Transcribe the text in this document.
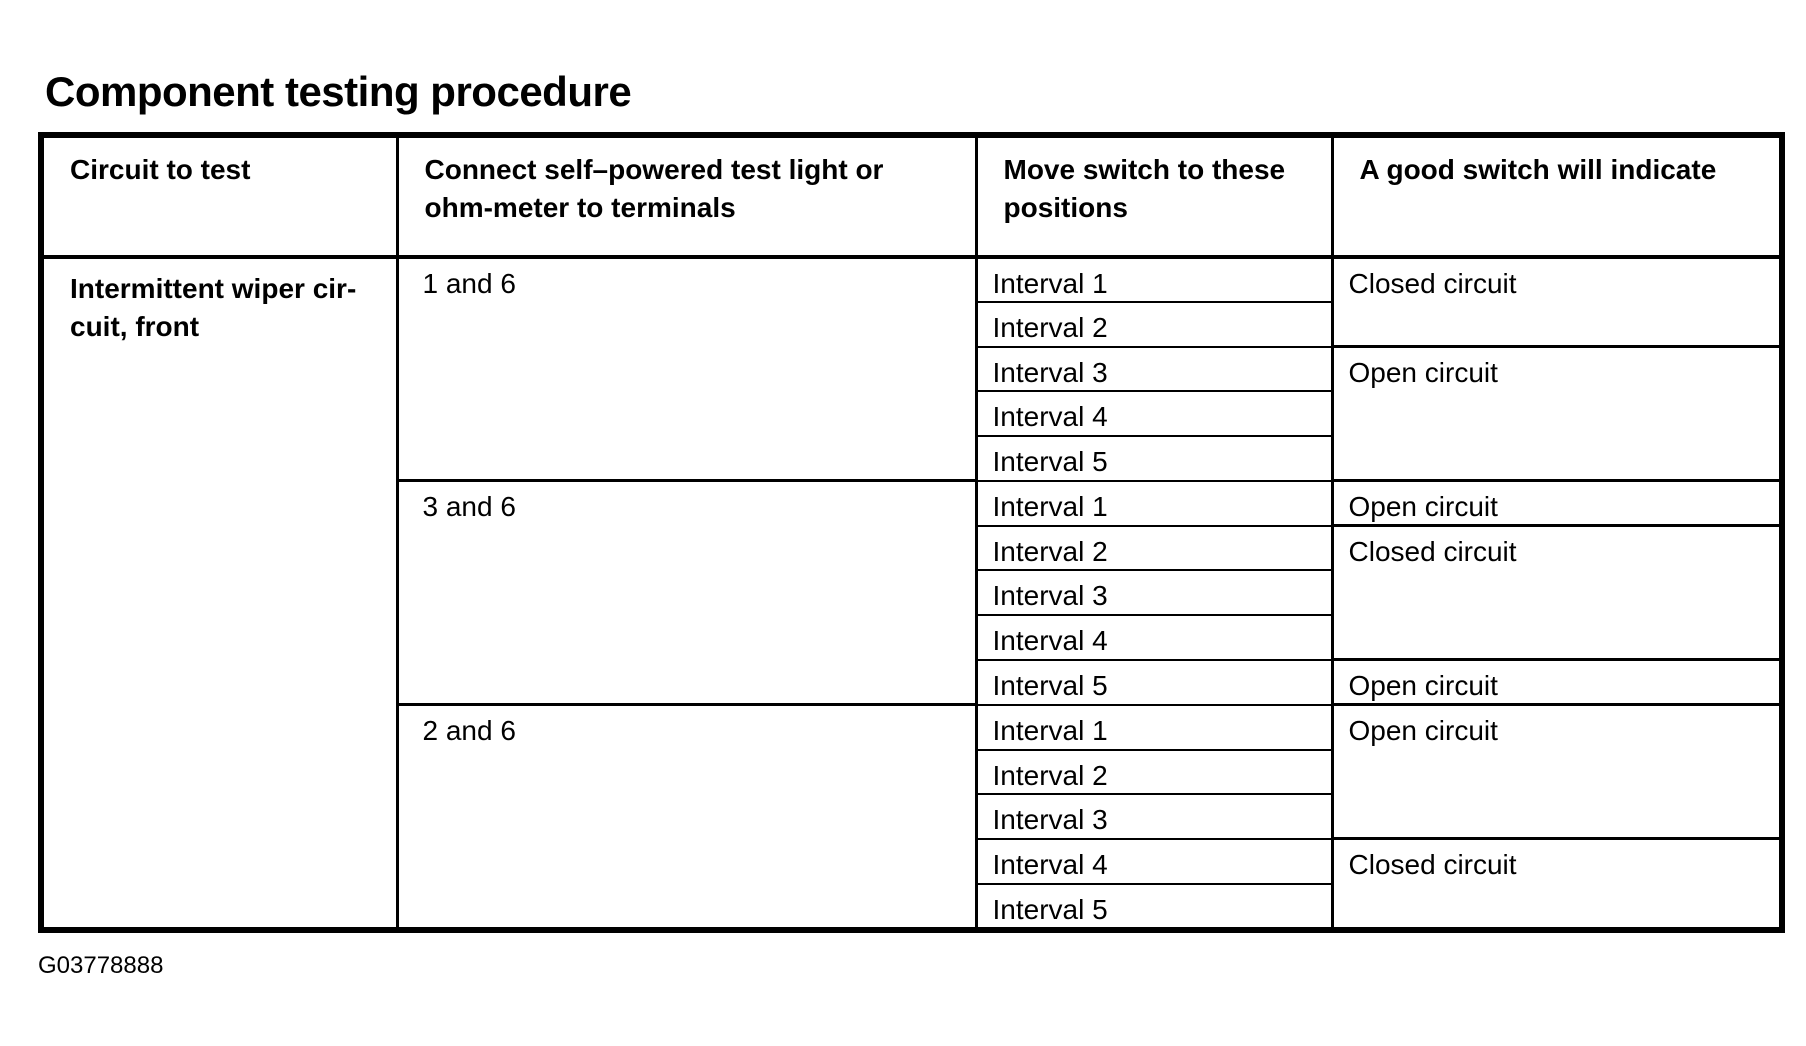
Component testing procedure
Circuit to test	Connect self–powered test light or ohm-meter to terminals	Move switch to these positions	A good switch will indicate
Intermittent wiper cir-cuit, front	1 and 6	Interval 1	Closed circuit
		Interval 2	
		Interval 3	Open circuit
		Interval 4	
		Interval 5	
	3 and 6	Interval 1	Open circuit
		Interval 2	Closed circuit
		Interval 3	
		Interval 4	
		Interval 5	Open circuit
	2 and 6	Interval 1	Open circuit
		Interval 2	
		Interval 3	
		Interval 4	Closed circuit
		Interval 5	
G03778888
